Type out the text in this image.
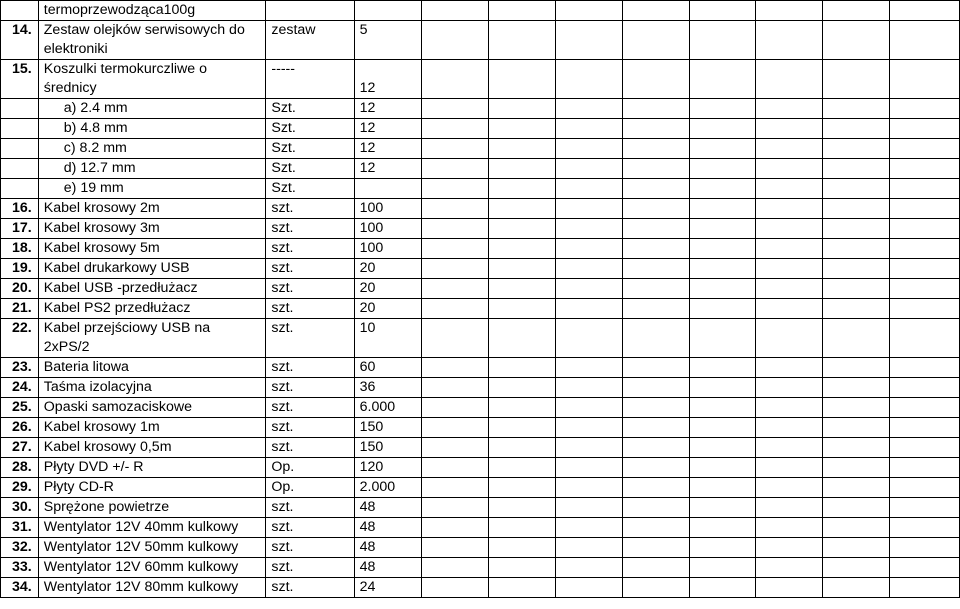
	termoprzewodząca100g										

14.	Zestaw olejków serwisowych do
elektroniki	zestaw	5								
15.	Koszulki termokurczliwe o
średnicy	-----	12								

	a) 2.4 mm	Szt.	12								

	b) 4.8 mm	Szt.	12								

	c) 8.2 mm	Szt.	12								

	d) 12.7 mm	Szt.	12								

	e) 19 mm	Szt.									
16.	Kabel krosowy 2m	szt.	100								
17.	Kabel krosowy 3m	szt.	100								
18.	Kabel krosowy 5m	szt.	100								
19.	Kabel drukarkowy USB	szt.	20								
20.	Kabel USB -przedłużacz	szt.	20								
21.	Kabel PS2 przedłużacz	szt.	20								
22.	Kabel przejściowy USB na
2xPS/2	szt.	10								
23.	Bateria litowa	szt.	60								
24.	Taśma izolacyjna	szt.	36								
25.	Opaski samozaciskowe	szt.	6.000								
26.	Kabel krosowy 1m	szt.	150								
27.	Kabel krosowy 0,5m	szt.	150								
28.	Płyty DVD +/- R	Op.	120								
29.	Płyty CD-R	Op.	2.000								
30.	Sprężone powietrze	szt.	48								
31.	Wentylator 12V 40mm kulkowy	szt.	48								
32.	Wentylator 12V 50mm kulkowy	szt.	48								
33.	Wentylator 12V 60mm kulkowy	szt.	48								
34.	Wentylator 12V 80mm kulkowy	szt.	24								
